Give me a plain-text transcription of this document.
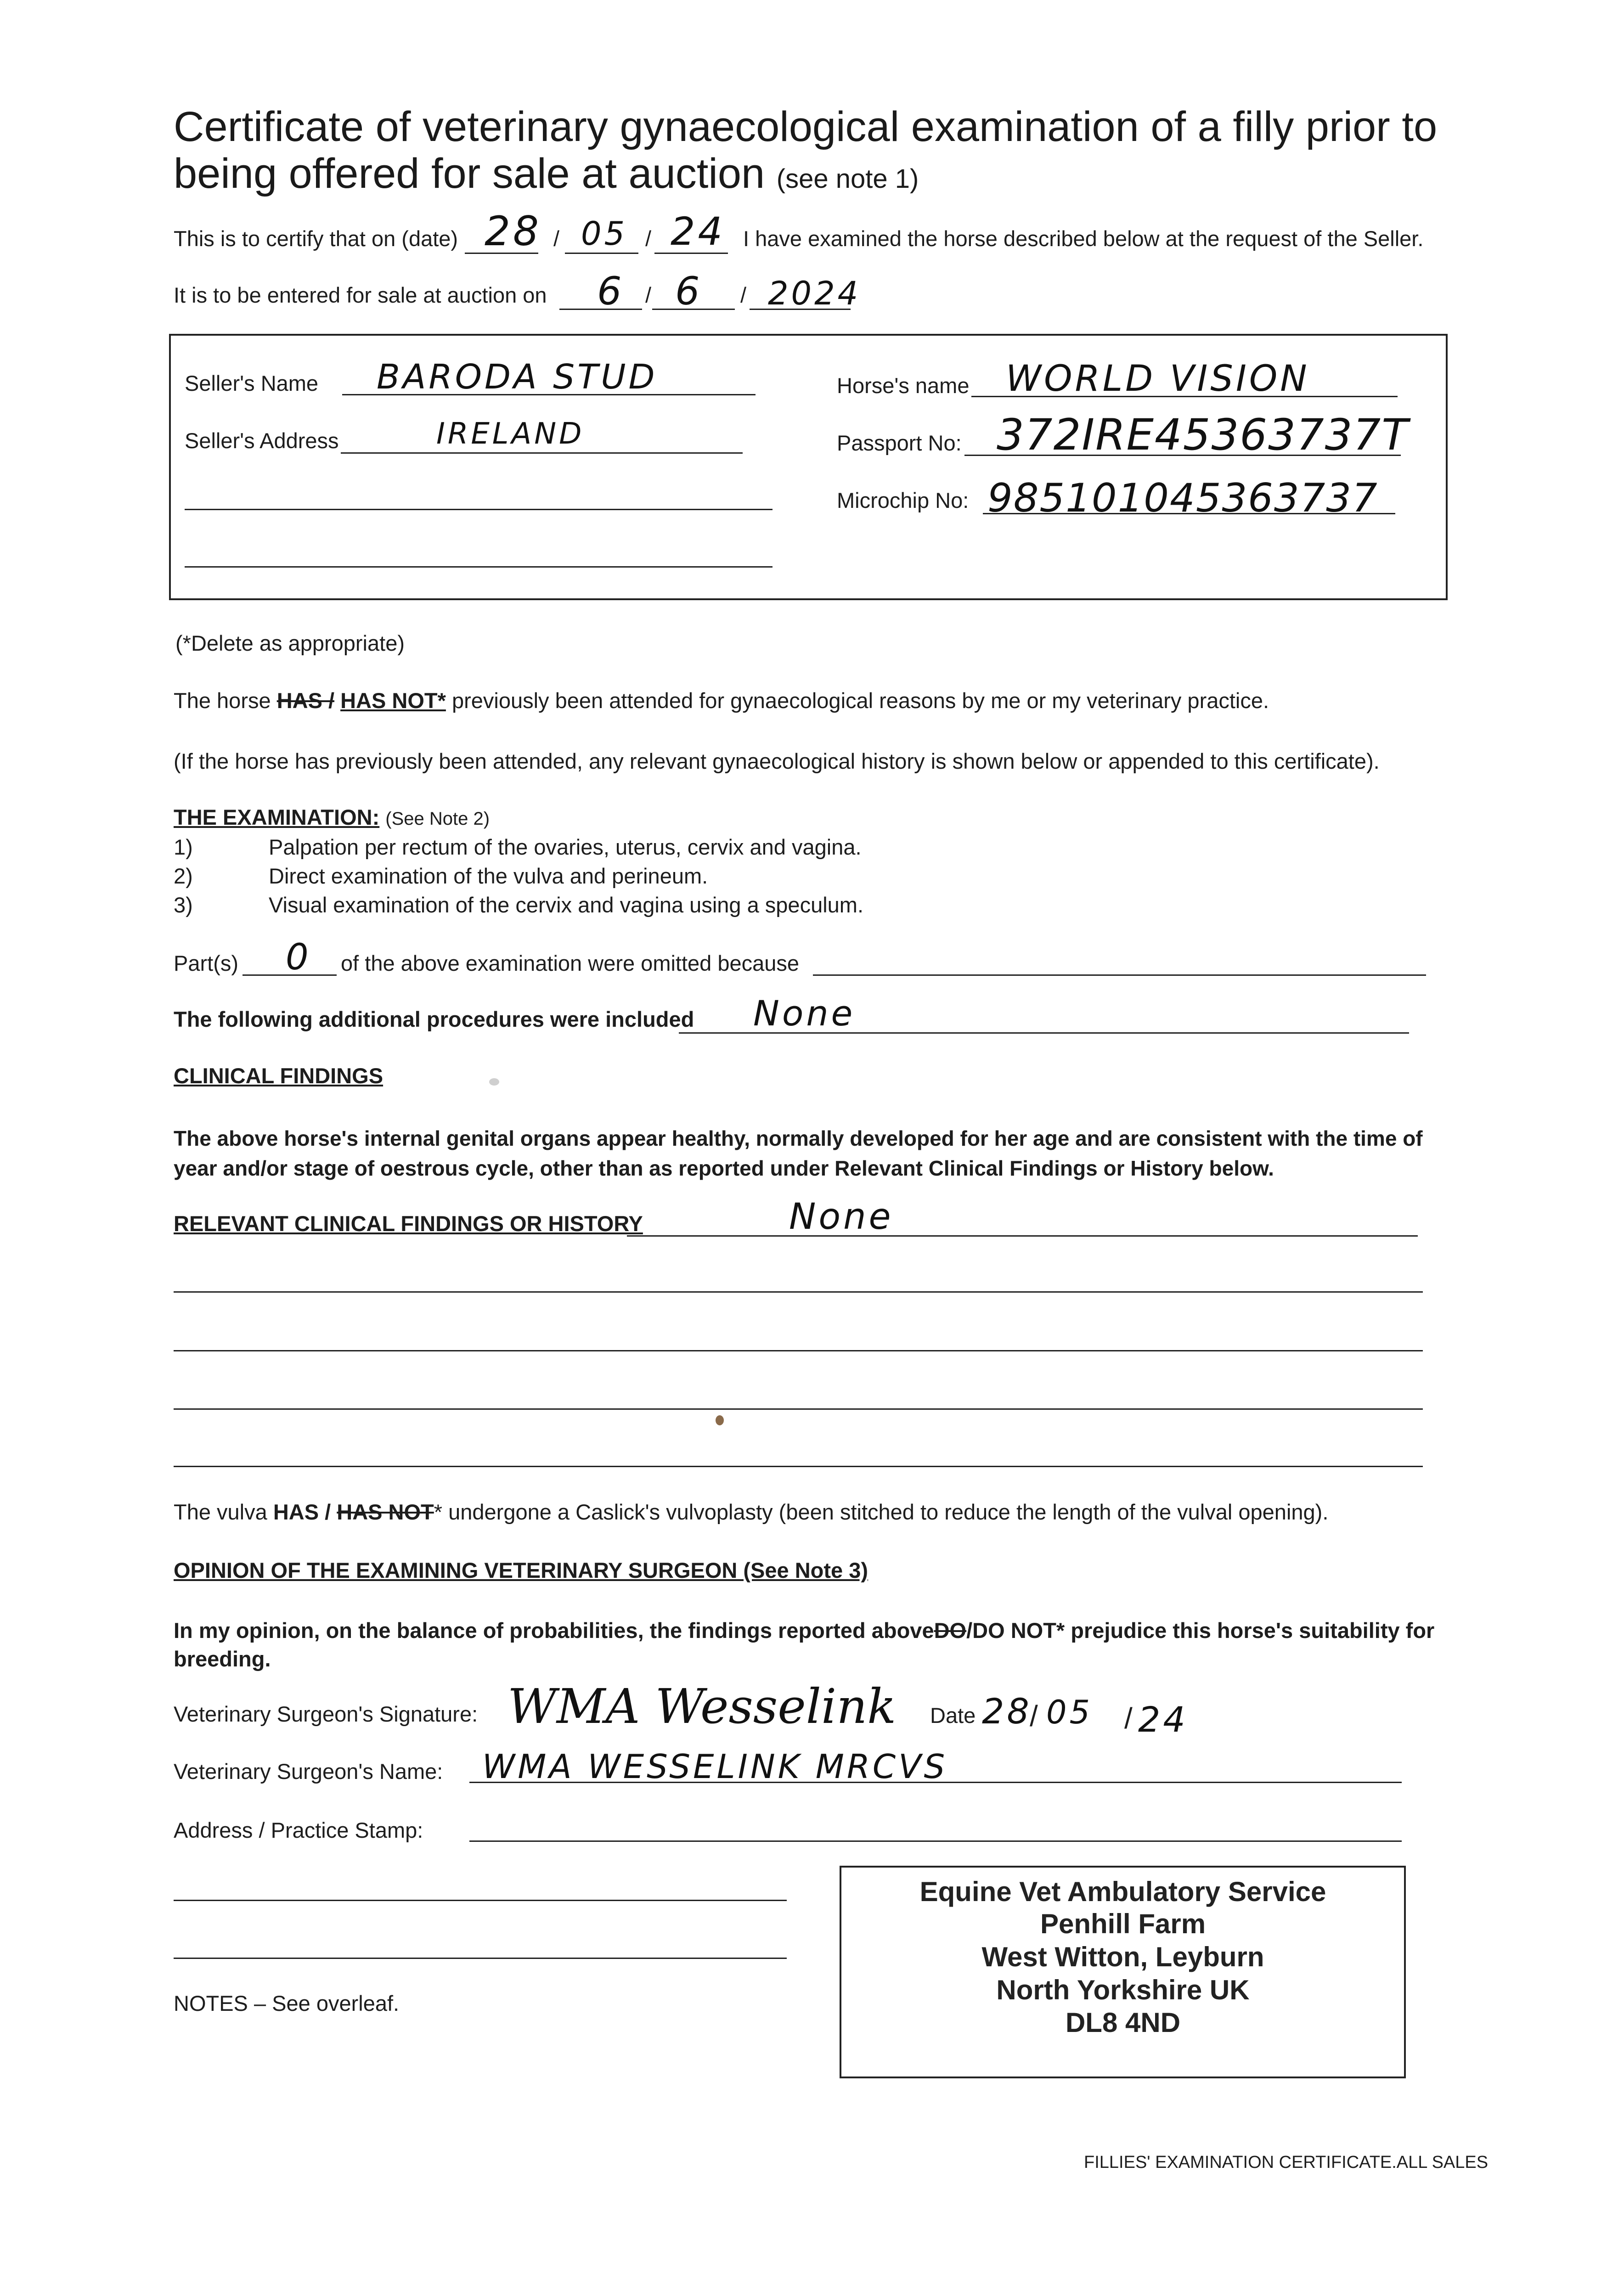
Certificate of veterinary gynaecological examination of a filly prior to being offered for sale at auction (see note 1)
This is to certify that on (date) 28 / 05 / 24 I have examined the horse described below at the request of the Seller.
It is to be entered for sale at auction on 6 / 6 / 2024
Seller's Name BARODA STUD
Seller's Address	IRELAND
Horse's name WORLD VISION
Passport No: 372IRE45363737T
Microchip No: 985101045363737
(*Delete as appropriate)
The horse HAS / HAS NOT* previously been attended for gynaecological reasons by me or my veterinary practice.
(If the horse has previously been attended, any relevant gynaecological history is shown below or appended to this certificate).
THE EXAMINATION: (See Note 2)
1)	Palpation per rectum of the ovaries, uterus, cervix and vagina.
2)	Direct examination of the vulva and perineum.
3)	Visual examination of the cervix and vagina using a speculum.
Part(s) 0 of the above examination were omitted because
The following additional procedures were included None
CLINICAL FINDINGS
The above horse's internal genital organs appear healthy, normally developed for her age and are consistent with the time of year and/or stage of oestrous cycle, other than as reported under Relevant Clinical Findings or History below.
RELEVANT CLINICAL FINDINGS OR HISTORY	None
The vulva HAS / HAS NOT* undergone a Caslick's vulvoplasty (been stitched to reduce the length of the vulval opening).
OPINION OF THE EXAMINING VETERINARY SURGEON (See Note 3)
In my opinion, on the balance of probabilities, the findings reported aboveDO/DO NOT* prejudice this horse's suitability for
breeding.
Veterinary Surgeon's Signature: WMA Wesselink Date 28
/ 05 / 24
Veterinary Surgeon's Name: WMA WESSELINK MRCVS
Address / Practice Stamp:
Equine Vet Ambulatory Service
Penhill Farm
West Witton, Leyburn
North Yorkshire UK
DL8 4ND
NOTES – See overleaf.
FILLIES' EXAMINATION CERTIFICATE.ALL SALES
